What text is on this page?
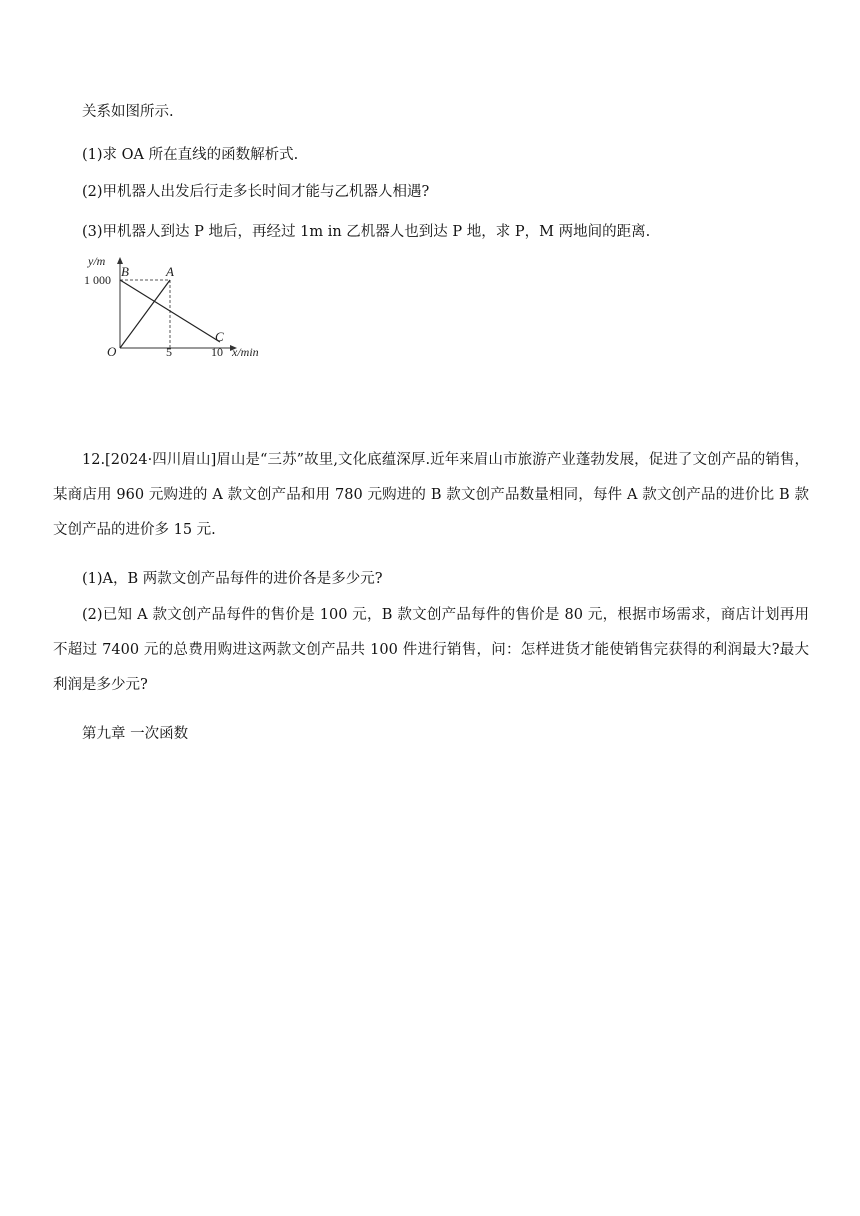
关系如图所示.
(1)求 OA 所在直线的函数解析式.
(2)甲机器人出发后行走多长时间才能与乙机器人相遇?
(3)甲机器人到达 P 地后，再经过 1m in 乙机器人也到达 P 地，求 P，M 两地间的距离.
y/m
1 000
B	A
C
O	5	10 x/min
12.[2024·四川眉山]眉山是“三苏”故里,文化底蕴深厚.近年来眉山市旅游产业蓬勃发展，促进了文创产品的销售，某商店用 960 元购进的 A 款文创产品和用 780 元购进的 B 款文创产品数量相同，每件 A 款文创产品的进价比 B 款文创产品的进价多 15 元.
(1)A，B 两款文创产品每件的进价各是多少元?
(2)已知 A 款文创产品每件的售价是 100 元，B 款文创产品每件的售价是 80 元，根据市场需求，商店计划再用不超过 7400 元的总费用购进这两款文创产品共 100 件进行销售，问：怎样进货才能使销售完获得的利润最大?最大利润是多少元?
第九章 一次函数
